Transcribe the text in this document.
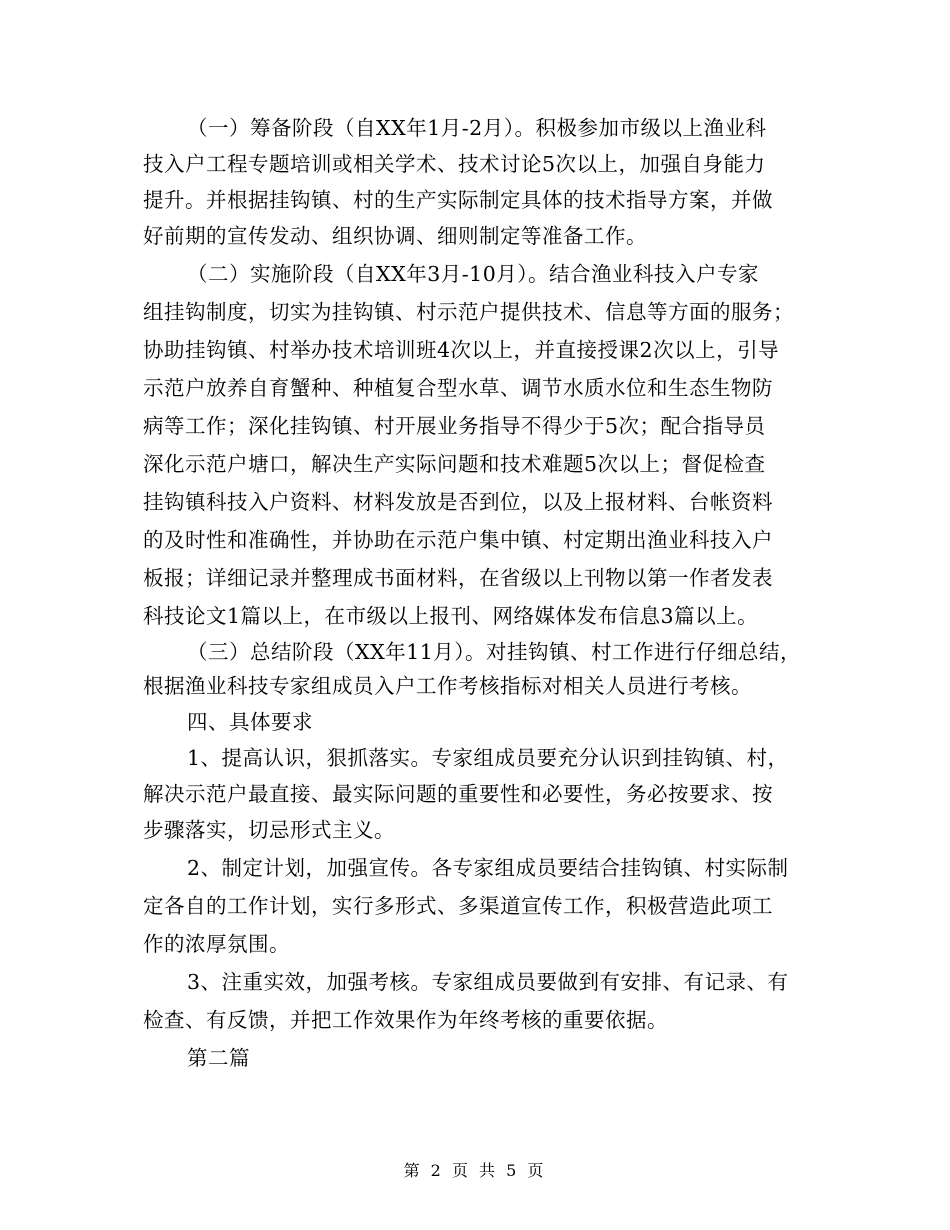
（一）筹备阶段（自XX年1月-2月）。积极参加市级以上渔业科
技入户工程专题培训或相关学术、技术讨论5次以上，加强自身能力
提升。并根据挂钩镇、村的生产实际制定具体的技术指导方案，并做
好前期的宣传发动、组织协调、细则制定等准备工作。
（二）实施阶段（自XX年3月-10月）。结合渔业科技入户专家
组挂钩制度，切实为挂钩镇、村示范户提供技术、信息等方面的服务；
协助挂钩镇、村举办技术培训班4次以上，并直接授课2次以上，引导
示范户放养自育蟹种、种植复合型水草、调节水质水位和生态生物防
病等工作；深化挂钩镇、村开展业务指导不得少于5次；配合指导员
深化示范户塘口，解决生产实际问题和技术难题5次以上；督促检查
挂钩镇科技入户资料、材料发放是否到位，以及上报材料、台帐资料
的及时性和准确性，并协助在示范户集中镇、村定期出渔业科技入户
板报；详细记录并整理成书面材料，在省级以上刊物以第一作者发表
科技论文1篇以上，在市级以上报刊、网络媒体发布信息3篇以上。
（三）总结阶段（XX年11月）。对挂钩镇、村工作进行仔细总结，
根据渔业科技专家组成员入户工作考核指标对相关人员进行考核。
四、具体要求
1、提高认识，狠抓落实。专家组成员要充分认识到挂钩镇、村，
解决示范户最直接、最实际问题的重要性和必要性，务必按要求、按
步骤落实，切忌形式主义。
2、制定计划，加强宣传。各专家组成员要结合挂钩镇、村实际制
定各自的工作计划，实行多形式、多渠道宣传工作，积极营造此项工
作的浓厚氛围。
3、注重实效，加强考核。专家组成员要做到有安排、有记录、有
检查、有反馈，并把工作效果作为年终考核的重要依据。
第二篇
第 2 页 共 5 页
